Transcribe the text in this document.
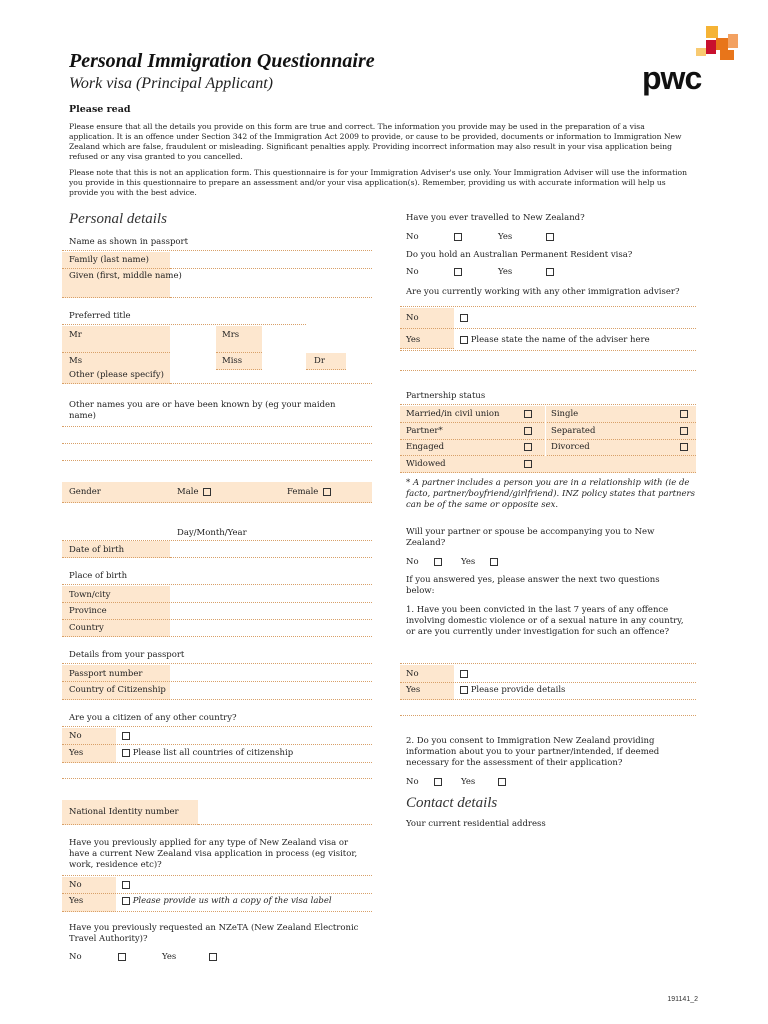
Personal Immigration Questionnaire
Work visa (Principal Applicant)	pwc
Please read
Please ensure that all the details you provide on this form are true and correct. The information you provide may be used in the preparation of a visa application. It is an offence under Section 342 of the Immigration Act 2009 to provide, or cause to be provided, documents or information to Immigration New Zealand which are false, fraudulent or misleading. Significant penalties apply. Providing incorrect information may also result in your visa application being refused or any visa granted to you cancelled.
Please note that this is not an application form. This questionnaire is for your Immigration Adviser's use only. Your Immigration Adviser will use the information you provide in this questionnaire to prepare an assessment and/or your visa application(s). Remember, providing us with accurate information will help us provide you with the best advice.
Personal details
Name as shown in passport
Family (last name)
Given (first, middle name)
Preferred title
Mr	Mrs
Ms	Miss	Dr
Other (please specify)
Other names you are or have been known by (eg your maiden name)
Gender	Male	Female
Day/Month/Year
Date of birth
Place of birth
Town/city
Province
Country
Details from your passport
Passport number
Country of Citizenship
Are you a citizen of any other country?
No
Yes	Please list all countries of citizenship
National Identity number
Have you previously applied for any type of New Zealand visa or have a current New Zealand visa application in process (eg visitor, work, residence etc)?
No
Yes	Please provide us with a copy of the visa label
Have you previously requested an NZeTA (New Zealand Electronic Travel Authority)?
No	Yes
Have you ever travelled to New Zealand?
No	Yes
Do you hold an Australian Permanent Resident visa?
No	Yes
Are you currently working with any other immigration adviser?
No
Yes	Please state the name of the adviser here
Partnership status
Married/in civil union	Single
Partner*	Separated
Engaged	Divorced
Widowed
* A partner includes a person you are in a relationship with (ie de facto, partner/boyfriend/girlfriend). INZ policy states that partners can be of the same or opposite sex.
Will your partner or spouse be accompanying you to New Zealand?
No	Yes
If you answered yes, please answer the next two questions below:
1. Have you been convicted in the last 7 years of any offence involving domestic violence or of a sexual nature in any country, or are you currently under investigation for such an offence?
No
Yes	Please provide details
2. Do you consent to Immigration New Zealand providing information about you to your partner/intended, if deemed necessary for the assessment of their application?
No	Yes
Contact details
Your current residential address
191141_2
